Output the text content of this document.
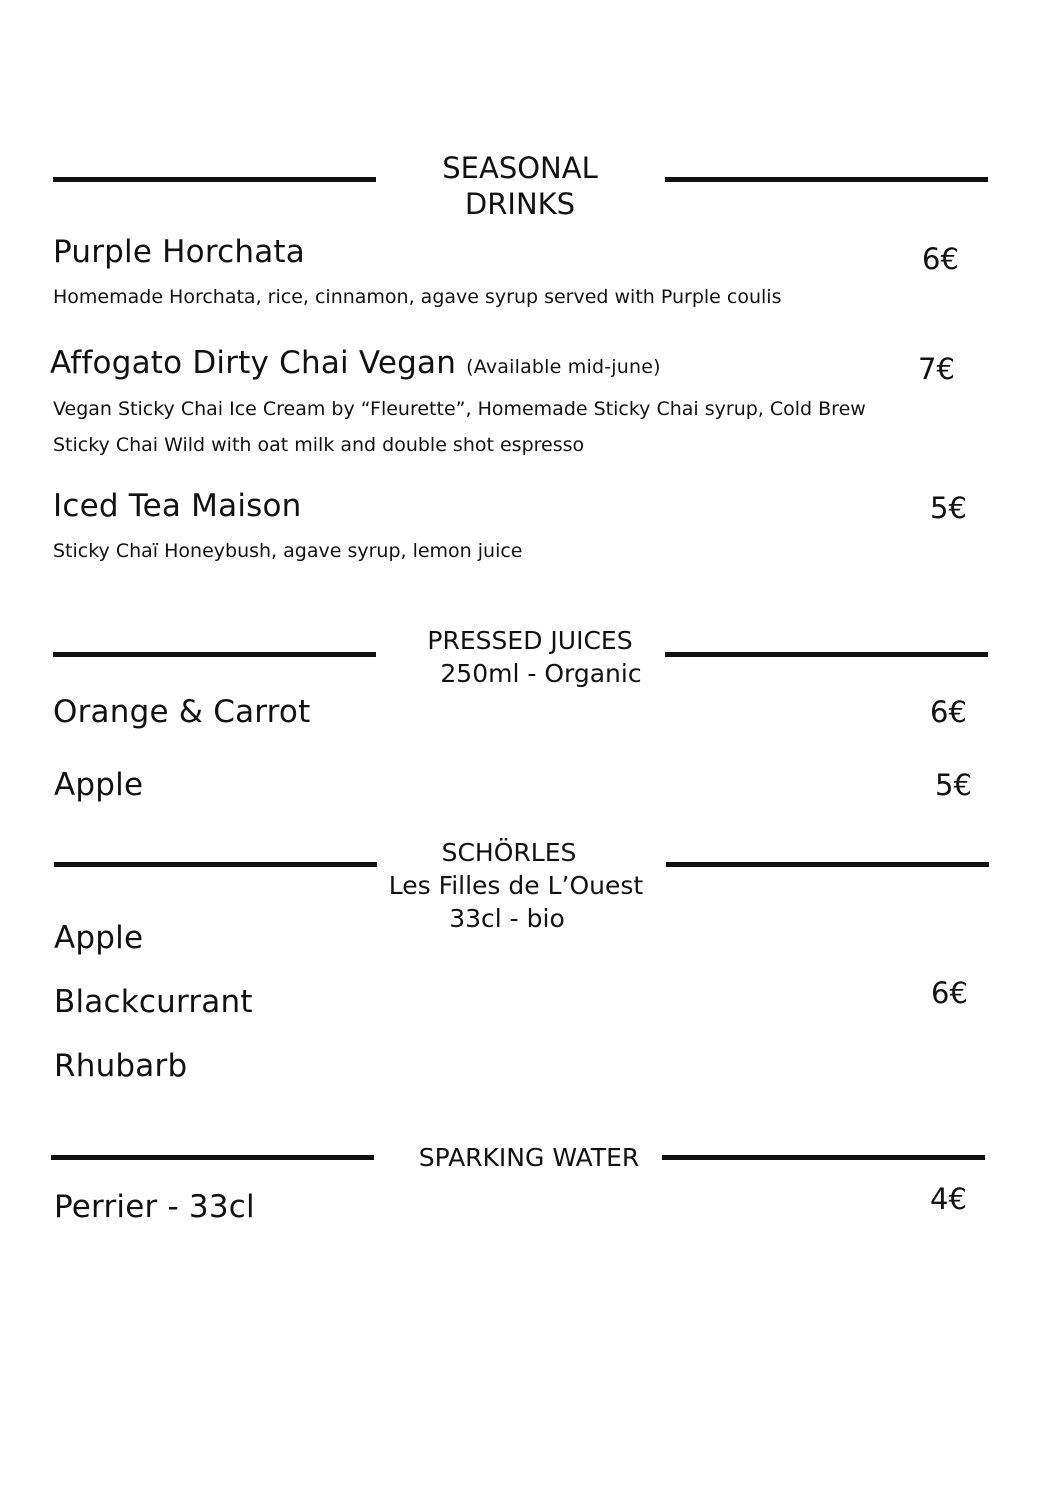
SEASONAL
DRINKS
Purple Horchata	6€
Homemade Horchata, rice, cinnamon, agave syrup served with Purple coulis
Affogato Dirty Chai Vegan (Available mid-june)	7€
Vegan Sticky Chai Ice Cream by “Fleurette”, Homemade Sticky Chai syrup, Cold Brew
Sticky Chai Wild with oat milk and double shot espresso
Iced Tea Maison	5€
Sticky Chaï Honeybush, agave syrup, lemon juice
PRESSED JUICES
250ml - Organic
Orange & Carrot	6€
Apple	5€
SCHÖRLES
Les Filles de L’Ouest
33cl - bio
Apple
Blackcurrant
Rhubarb
6€
SPARKING WATER
Perrier - 33cl	4€
